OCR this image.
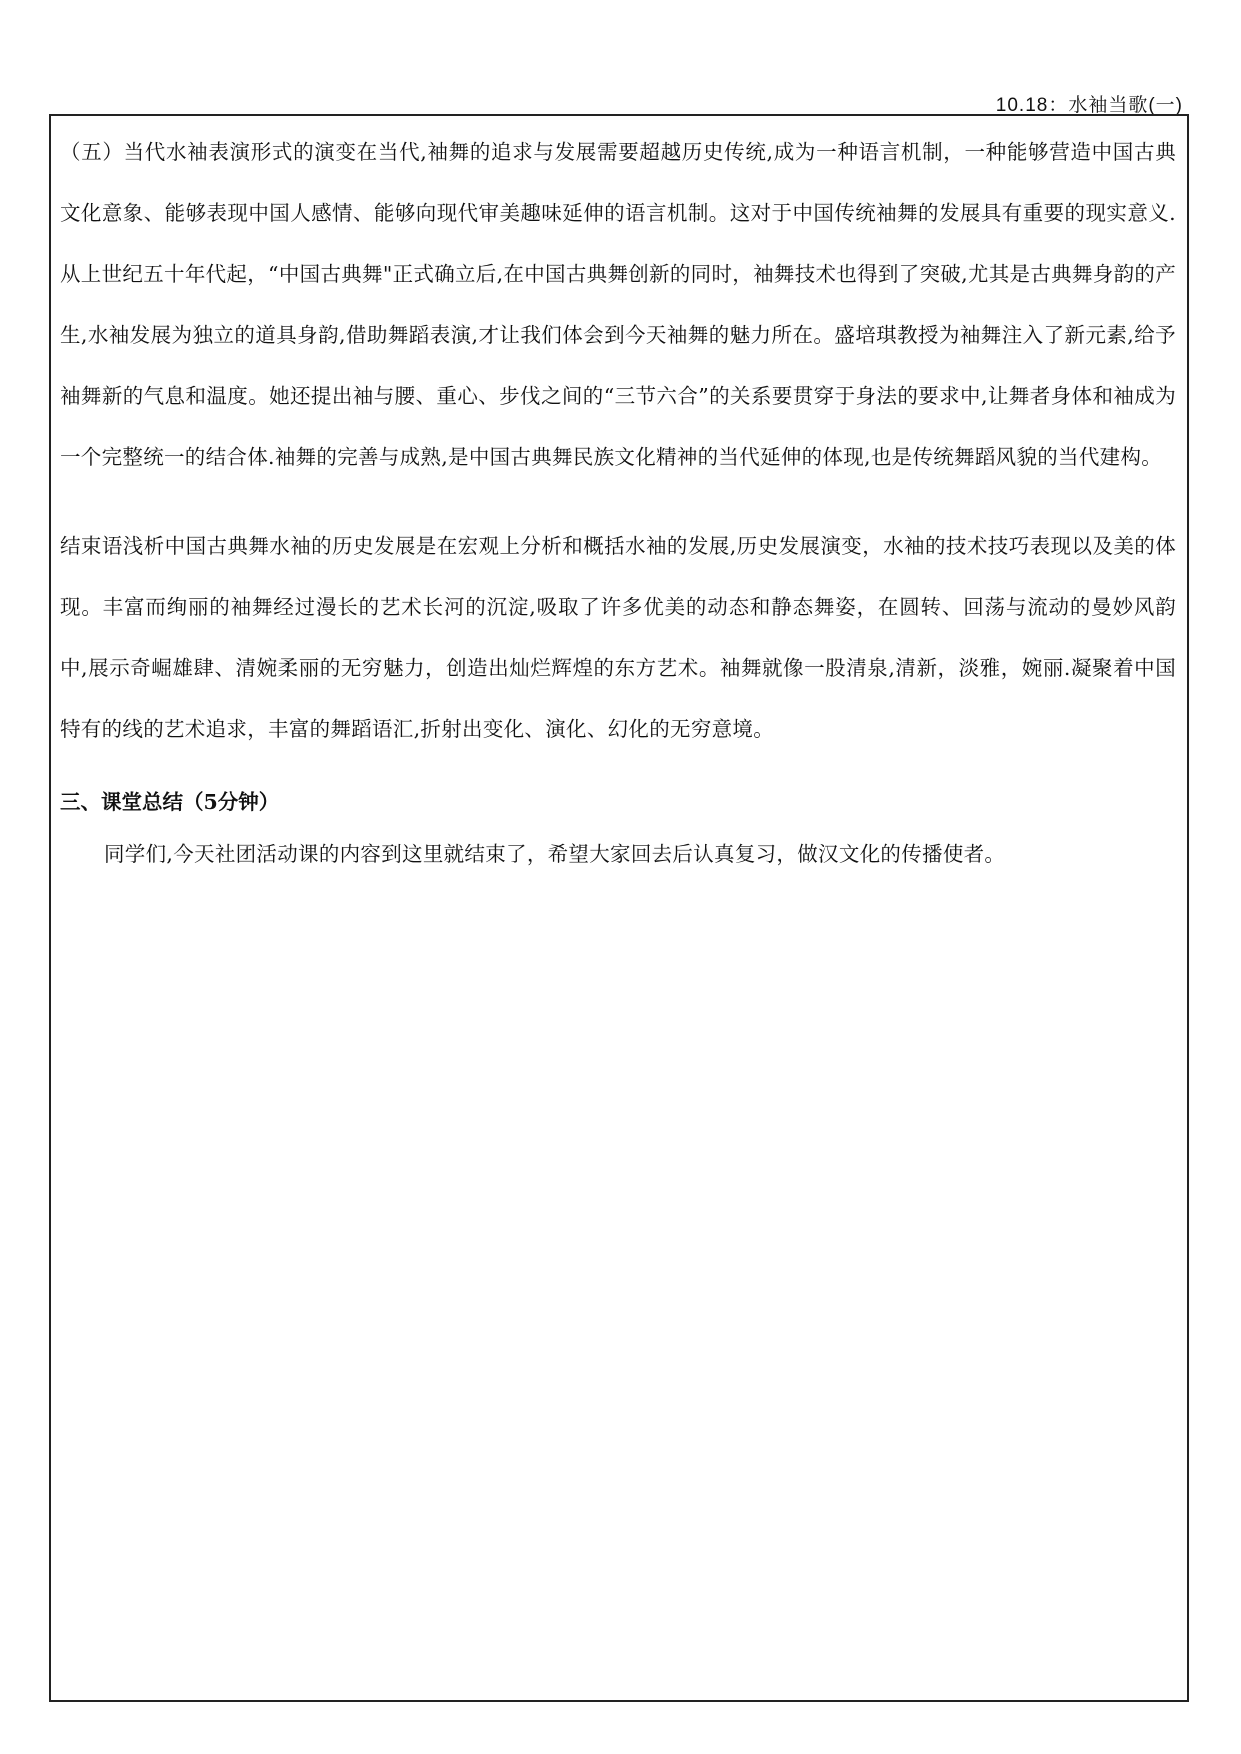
10.18：水袖当歌(一)

（五）当代水袖表演形式的演变在当代,袖舞的追求与发展需要超越历史传统,成为一种语言机制，一种能够营造中国古典文化意象、能够表现中国人感情、能够向现代审美趣味延伸的语言机制。这对于中国传统袖舞的发展具有重要的现实意义.从上世纪五十年代起，“中国古典舞"正式确立后,在中国古典舞创新的同时，袖舞技术也得到了突破,尤其是古典舞身韵的产生,水袖发展为独立的道具身韵,借助舞蹈表演,才让我们体会到今天袖舞的魅力所在。盛培琪教授为袖舞注入了新元素,给予袖舞新的气息和温度。她还提出袖与腰、重心、步伐之间的“三节六合”的关系要贯穿于身法的要求中,让舞者身体和袖成为一个完整统一的结合体.袖舞的完善与成熟,是中国古典舞民族文化精神的当代延伸的体现,也是传统舞蹈风貌的当代建构。

结束语浅析中国古典舞水袖的历史发展是在宏观上分析和概括水袖的发展,历史发展演变，水袖的技术技巧表现以及美的体现。丰富而绚丽的袖舞经过漫长的艺术长河的沉淀,吸取了许多优美的动态和静态舞姿，在圆转、回荡与流动的曼妙风韵中,展示奇崛雄肆、清婉柔丽的无穷魅力，创造出灿烂辉煌的东方艺术。袖舞就像一股清泉,清新，淡雅，婉丽.凝聚着中国特有的线的艺术追求，丰富的舞蹈语汇,折射出变化、演化、幻化的无穷意境。

三、课堂总结（5分钟）

同学们,今天社团活动课的内容到这里就结束了，希望大家回去后认真复习，做汉文化的传播使者。
